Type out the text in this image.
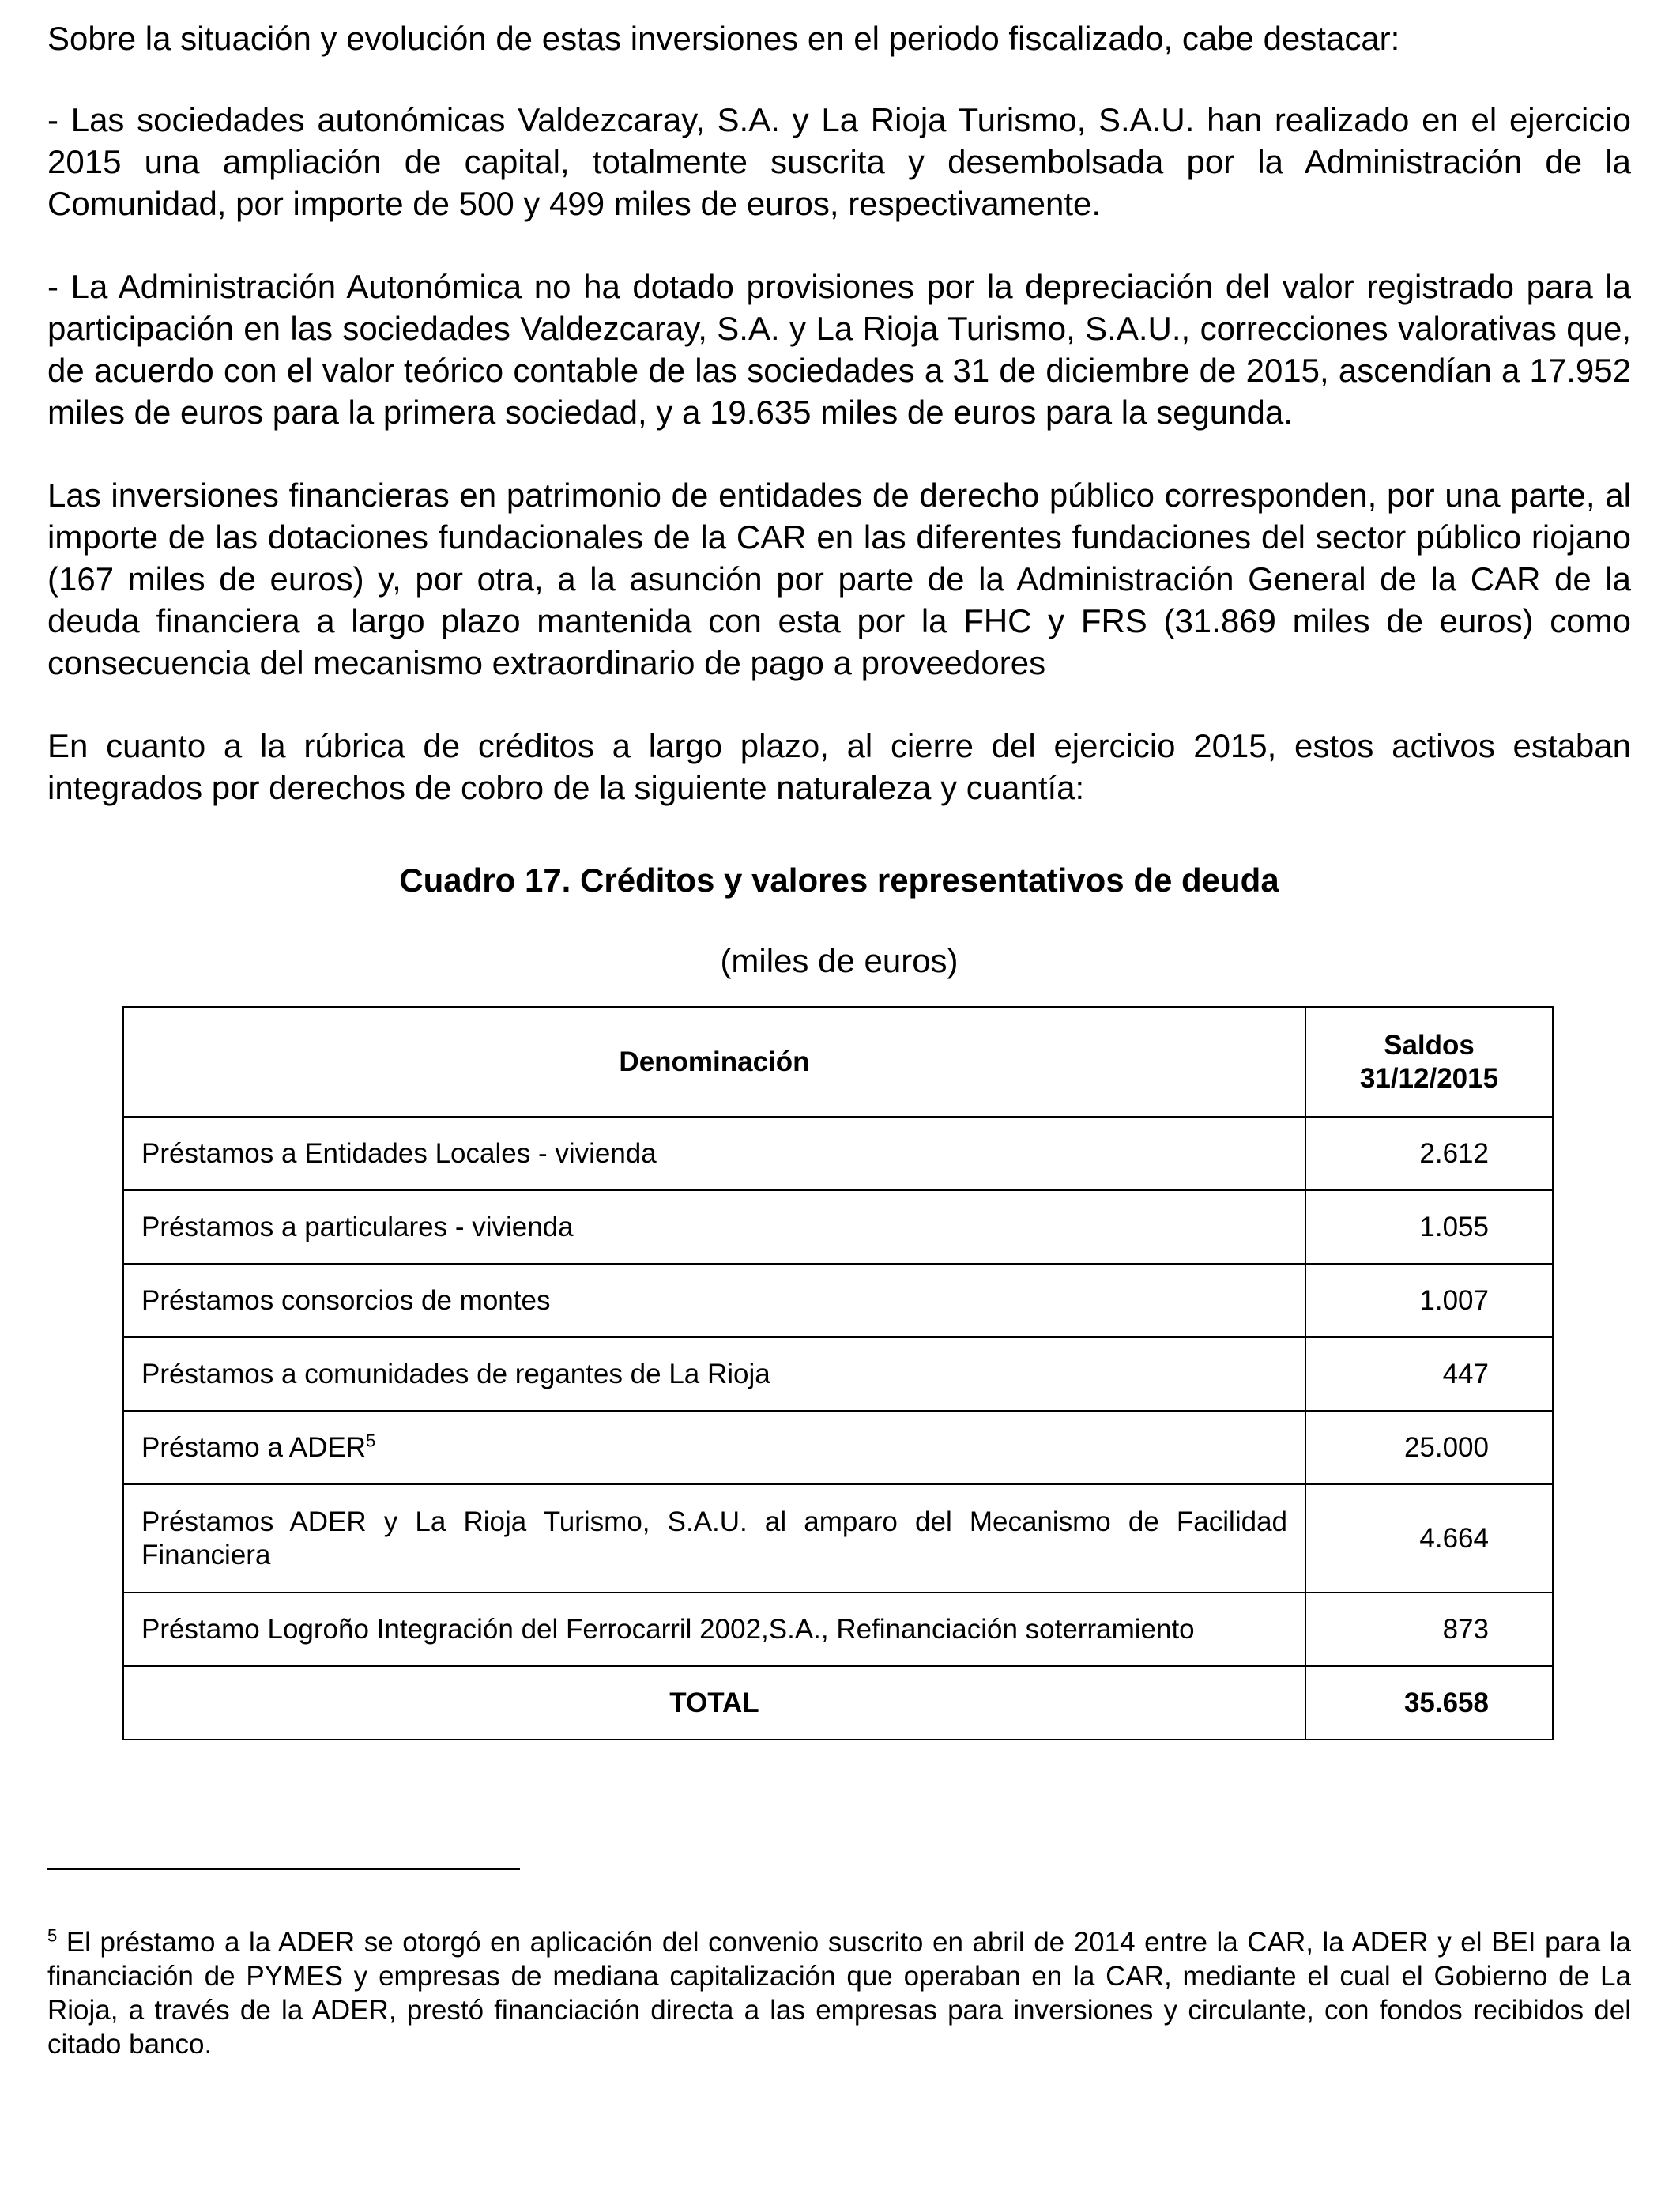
Sobre la situación y evolución de estas inversiones en el periodo fiscalizado, cabe destacar:

- Las sociedades autonómicas Valdezcaray, S.A. y La Rioja Turismo, S.A.U. han realizado en el ejercicio 2015 una ampliación de capital, totalmente suscrita y desembolsada por la Administración de la Comunidad, por importe de 500 y 499 miles de euros, respectivamente.

- La Administración Autonómica no ha dotado provisiones por la depreciación del valor registrado para la participación en las sociedades Valdezcaray, S.A. y La Rioja Turismo, S.A.U., correcciones valorativas que, de acuerdo con el valor teórico contable de las sociedades a 31 de diciembre de 2015, ascendían a 17.952 miles de euros para la primera sociedad, y a 19.635 miles de euros para la segunda.

Las inversiones financieras en patrimonio de entidades de derecho público corresponden, por una parte, al importe de las dotaciones fundacionales de la CAR en las diferentes fundaciones del sector público riojano (167 miles de euros) y, por otra, a la asunción por parte de la Administración General de la CAR de la deuda financiera a largo plazo mantenida con esta por la FHC y FRS (31.869 miles de euros) como consecuencia del mecanismo extraordinario de pago a proveedores

En cuanto a la rúbrica de créditos a largo plazo, al cierre del ejercicio 2015, estos activos estaban integrados por derechos de cobro de la siguiente naturaleza y cuantía:

Cuadro 17. Créditos y valores representativos de deuda
(miles de euros)
Denominación	Saldos
31/12/2015
Préstamos a Entidades Locales - vivienda	2.612
Préstamos a particulares - vivienda	1.055
Préstamos consorcios de montes	1.007
Préstamos a comunidades de regantes de La Rioja	447
Préstamo a ADER$^5$	25.000
Préstamos ADER y La Rioja Turismo, S.A.U. al amparo del Mecanismo de Facilidad Financiera	4.664
Préstamo Logroño Integración del Ferrocarril 2002,S.A., Refinanciación soterramiento	873
TOTAL	35.658
$^5$ El préstamo a la ADER se otorgó en aplicación del convenio suscrito en abril de 2014 entre la CAR, la ADER y el BEI para la financiación de PYMES y empresas de mediana capitalización que operaban en la CAR, mediante el cual el Gobierno de La Rioja, a través de la ADER, prestó financiación directa a las empresas para inversiones y circulante, con fondos recibidos del citado banco.
